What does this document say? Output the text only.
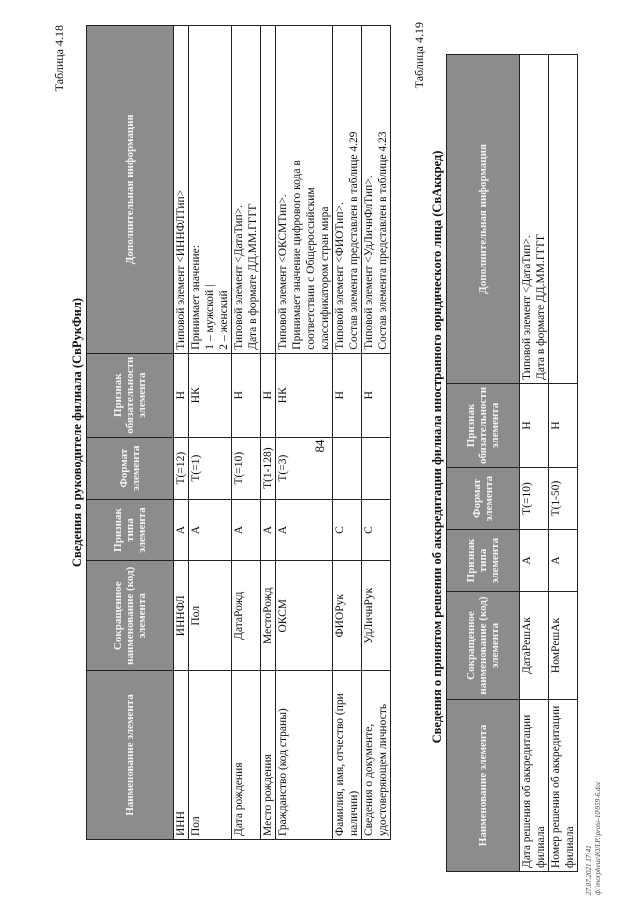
84
Таблица 4.18
Сведения о руководителе филиала (СвРукФил)
Наименование элемента	Сокращенное наименование (код) элемента	Признак типа элемента	Формат элемента	Признак обязательности элемента	Дополнительная информация
ИНН	ИННФЛ	А	T(=12)	Н	Типовой элемент <ИННФЛТип>

Пол	Пол	А	T(=1)	НК	Принимает значение: 1 – мужской | 2 – женский

Дата рождения	ДатаРожд	А	T(=10)	Н	Типовой элемент <ДатаТип>. Дата в формате ДД.ММ.ГГГГ

Место рождения	МестоРожд	А	T(1-128)	Н	

Гражданство (код страны)	ОКСМ	А	T(=3)	НК	Типовой элемент <ОКСМТип>. Принимает значение цифрового кода в соответствии с Общероссийским классификатором стран мира

Фамилия, имя, отчество (при наличии)	ФИОРук	С		Н	Типовой элемент <ФИОТип>. Состав элемента представлен в таблице 4.29

Сведения о документе, удостоверяющем личность	УдЛичнРук	С		Н	Типовой элемент <УдЛичнФлТип>. Состав элемента представлен в таблице 4.23
Таблица 4.19
Сведения о принятом решении об аккредитации филиала иностранного юридического лица (СвАккред)
Наименование элемента	Сокращенное наименование (код) элемента	Признак типа элемента	Формат элемента	Признак обязательности элемента	Дополнительная информация
Дата решения об аккредитации филиала	ДатаРешАк	А	T(=10)	Н	Типовой элемент <ДатаТип>. Дата в формате ДД.ММ.ГГГГ

Номер решения об аккредитации филиала	НомРешАк	А	T(1-50)	Н	
27.07.2021 17:41 ф:\morpheus\ЮЛ.Р.\proto-10\959-6.doc
